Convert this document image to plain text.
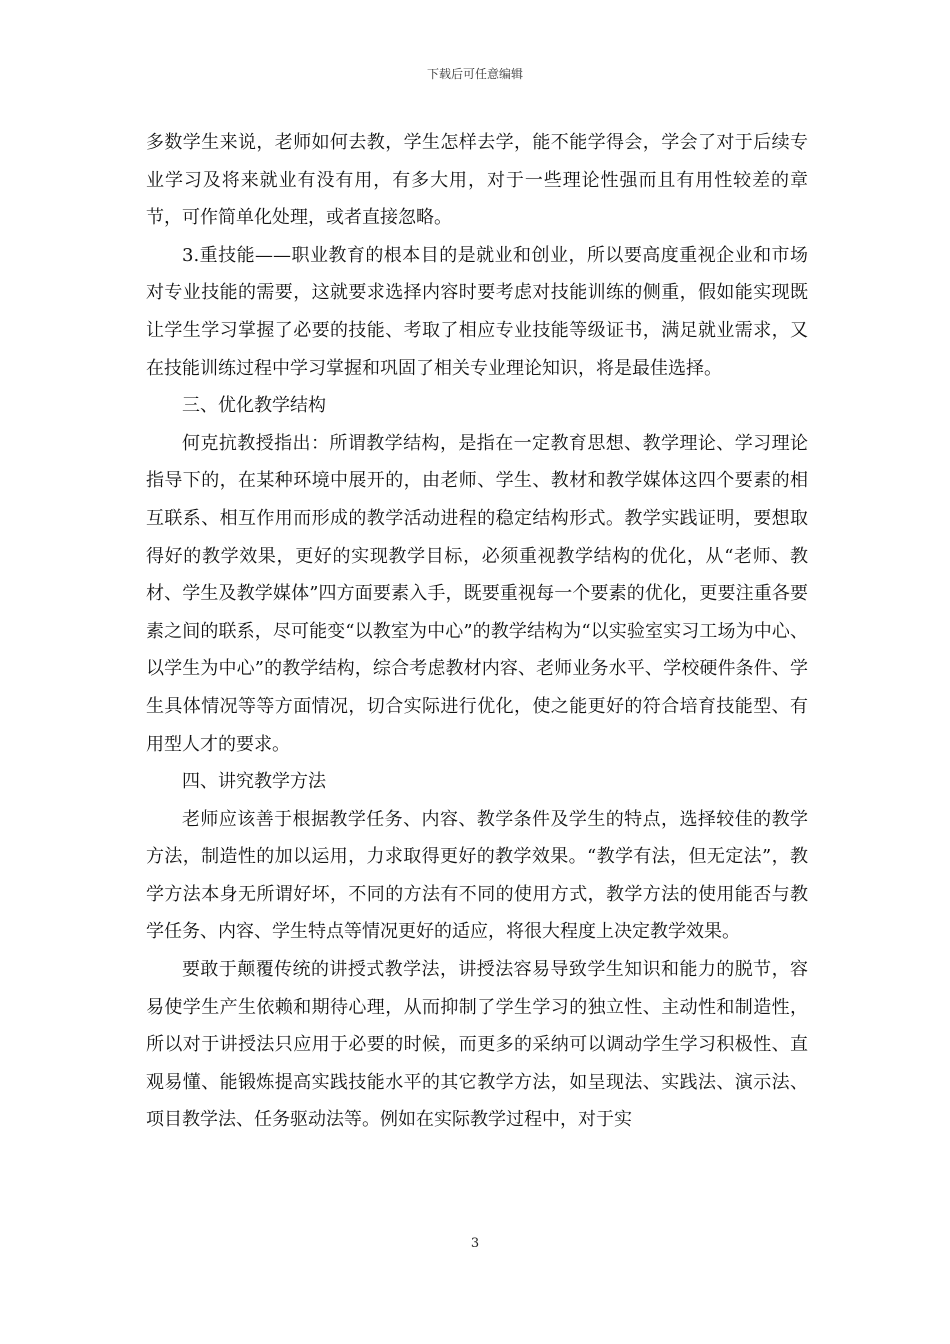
下载后可任意编辑

多数学生来说，老师如何去教，学生怎样去学，能不能学得会，学会了对于后续专业学习及将来就业有没有用，有多大用，对于一些理论性强而且有用性较差的章节，可作简单化处理，或者直接忽略。

3.重技能——职业教育的根本目的是就业和创业，所以要高度重视企业和市场对专业技能的需要，这就要求选择内容时要考虑对技能训练的侧重，假如能实现既让学生学习掌握了必要的技能、考取了相应专业技能等级证书，满足就业需求，又在技能训练过程中学习掌握和巩固了相关专业理论知识，将是最佳选择。

三、优化教学结构

何克抗教授指出：所谓教学结构，是指在一定教育思想、教学理论、学习理论指导下的，在某种环境中展开的，由老师、学生、教材和教学媒体这四个要素的相互联系、相互作用而形成的教学活动进程的稳定结构形式。教学实践证明，要想取得好的教学效果，更好的实现教学目标，必须重视教学结构的优化，从“老师、教材、学生及教学媒体”四方面要素入手，既要重视每一个要素的优化，更要注重各要素之间的联系，尽可能变“以教室为中心”的教学结构为“以实验室实习工场为中心、以学生为中心”的教学结构，综合考虑教材内容、老师业务水平、学校硬件条件、学生具体情况等等方面情况，切合实际进行优化，使之能更好的符合培育技能型、有用型人才的要求。

四、讲究教学方法

老师应该善于根据教学任务、内容、教学条件及学生的特点，选择较佳的教学方法，制造性的加以运用，力求取得更好的教学效果。“教学有法，但无定法”，教学方法本身无所谓好坏，不同的方法有不同的使用方式，教学方法的使用能否与教学任务、内容、学生特点等情况更好的适应，将很大程度上决定教学效果。

要敢于颠覆传统的讲授式教学法，讲授法容易导致学生知识和能力的脱节，容易使学生产生依赖和期待心理，从而抑制了学生学习的独立性、主动性和制造性，所以对于讲授法只应用于必要的时候，而更多的采纳可以调动学生学习积极性、直观易懂、能锻炼提高实践技能水平的其它教学方法，如呈现法、实践法、演示法、项目教学法、任务驱动法等。例如在实际教学过程中，对于实

3
